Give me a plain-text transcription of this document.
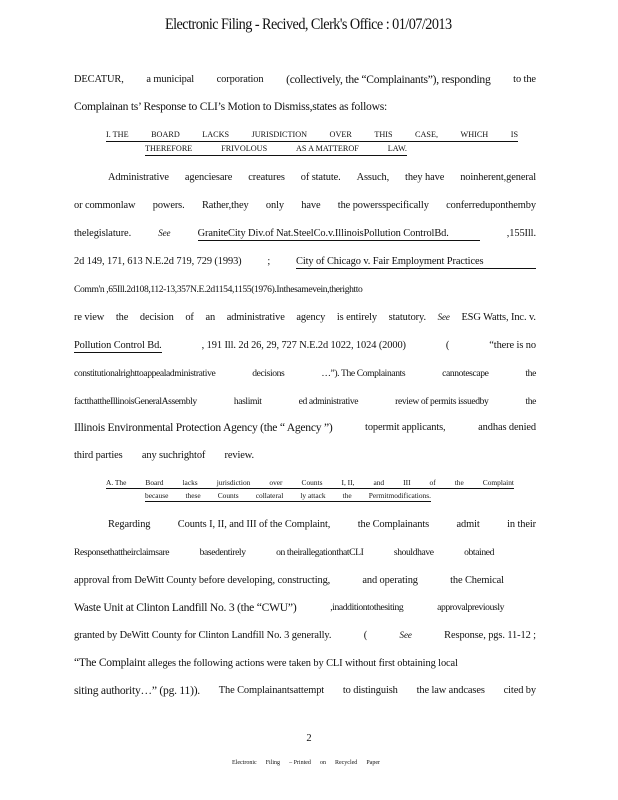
Electronic Filing - Recived, Clerk's Office : 01/07/2013
DECATUR, a municipal corporation (collectively, the “Complainants”), responding to the
Complainan ts’ Response to CLI’s Motion to Dismiss,states as follows:
I. THE	BOARD	LACKS	JURISDICTION	OVER	THIS	CASE,	WHICH	IS
THEREFORE	FRIVOLOUS	AS A MATTEROF	LAW.
Administrative agenciesare creatures of statute. Assuch, they have noinherent,general
or commonlaw powers. Rather,they only have the powersspecifically conferreduponthemby
thelegislature.	See	GraniteCity Div.of Nat.SteelCo.v.IllinoisPollution ControlBd.	,155Ill.
2d 149, 171, 613 N.E.2d 719, 729 (1993) ; City of Chicago v. Fair Employment Practices
Comm'n ,65Ill.2d108,112-13,357N.E.2d1154,1155(1976).Inthesamevein,therightto
re view the decision of an administrative agency is entirely statutory. See ESG Watts, Inc. v.
Pollution Control Bd.	, 191 Ill. 2d 26, 29, 727 N.E.2d 1022, 1024 (2000)	(	“there is no
constitutionalrighttoappealadministrative	decisions	…”). The Complainants	cannotescape	the
factthattheIllinoisGeneralAssembly	haslimit	ed administrative	review of permits issuedby	the
Illinois Environmental Protection Agency (the “ Agency ”)	topermit applicants,	andhas denied
third parties any suchrightof review.
A. The	Board	lacks	jurisdiction	over	Counts	I, II,	and	III	of	the	Complaint
because these Counts collateral ly attack the Permitmodifications.
Regarding	Counts I, II, and III of the Complaint,	the Complainants	admit	in their
Responsethattheirclaimsare	basedentirely	on theirallegationthatCLI	shouldhave	obtained
approval from DeWitt County before developing, constructing,	and operating	the Chemical
Waste Unit at Clinton Landfill No. 3 (the “CWU”)	,inadditiontothesiting	approvalpreviously
granted by DeWitt County for Clinton Landfill No. 3 generally.	(	See	Response, pgs. 11-12 ;
“The Complaint alleges the following actions were taken by CLI without first obtaining local
siting authority…” (pg. 11)). The Complainantsattempt to distinguish the law andcases cited by
2
Electronic Filing – Printed on Recycled Paper
